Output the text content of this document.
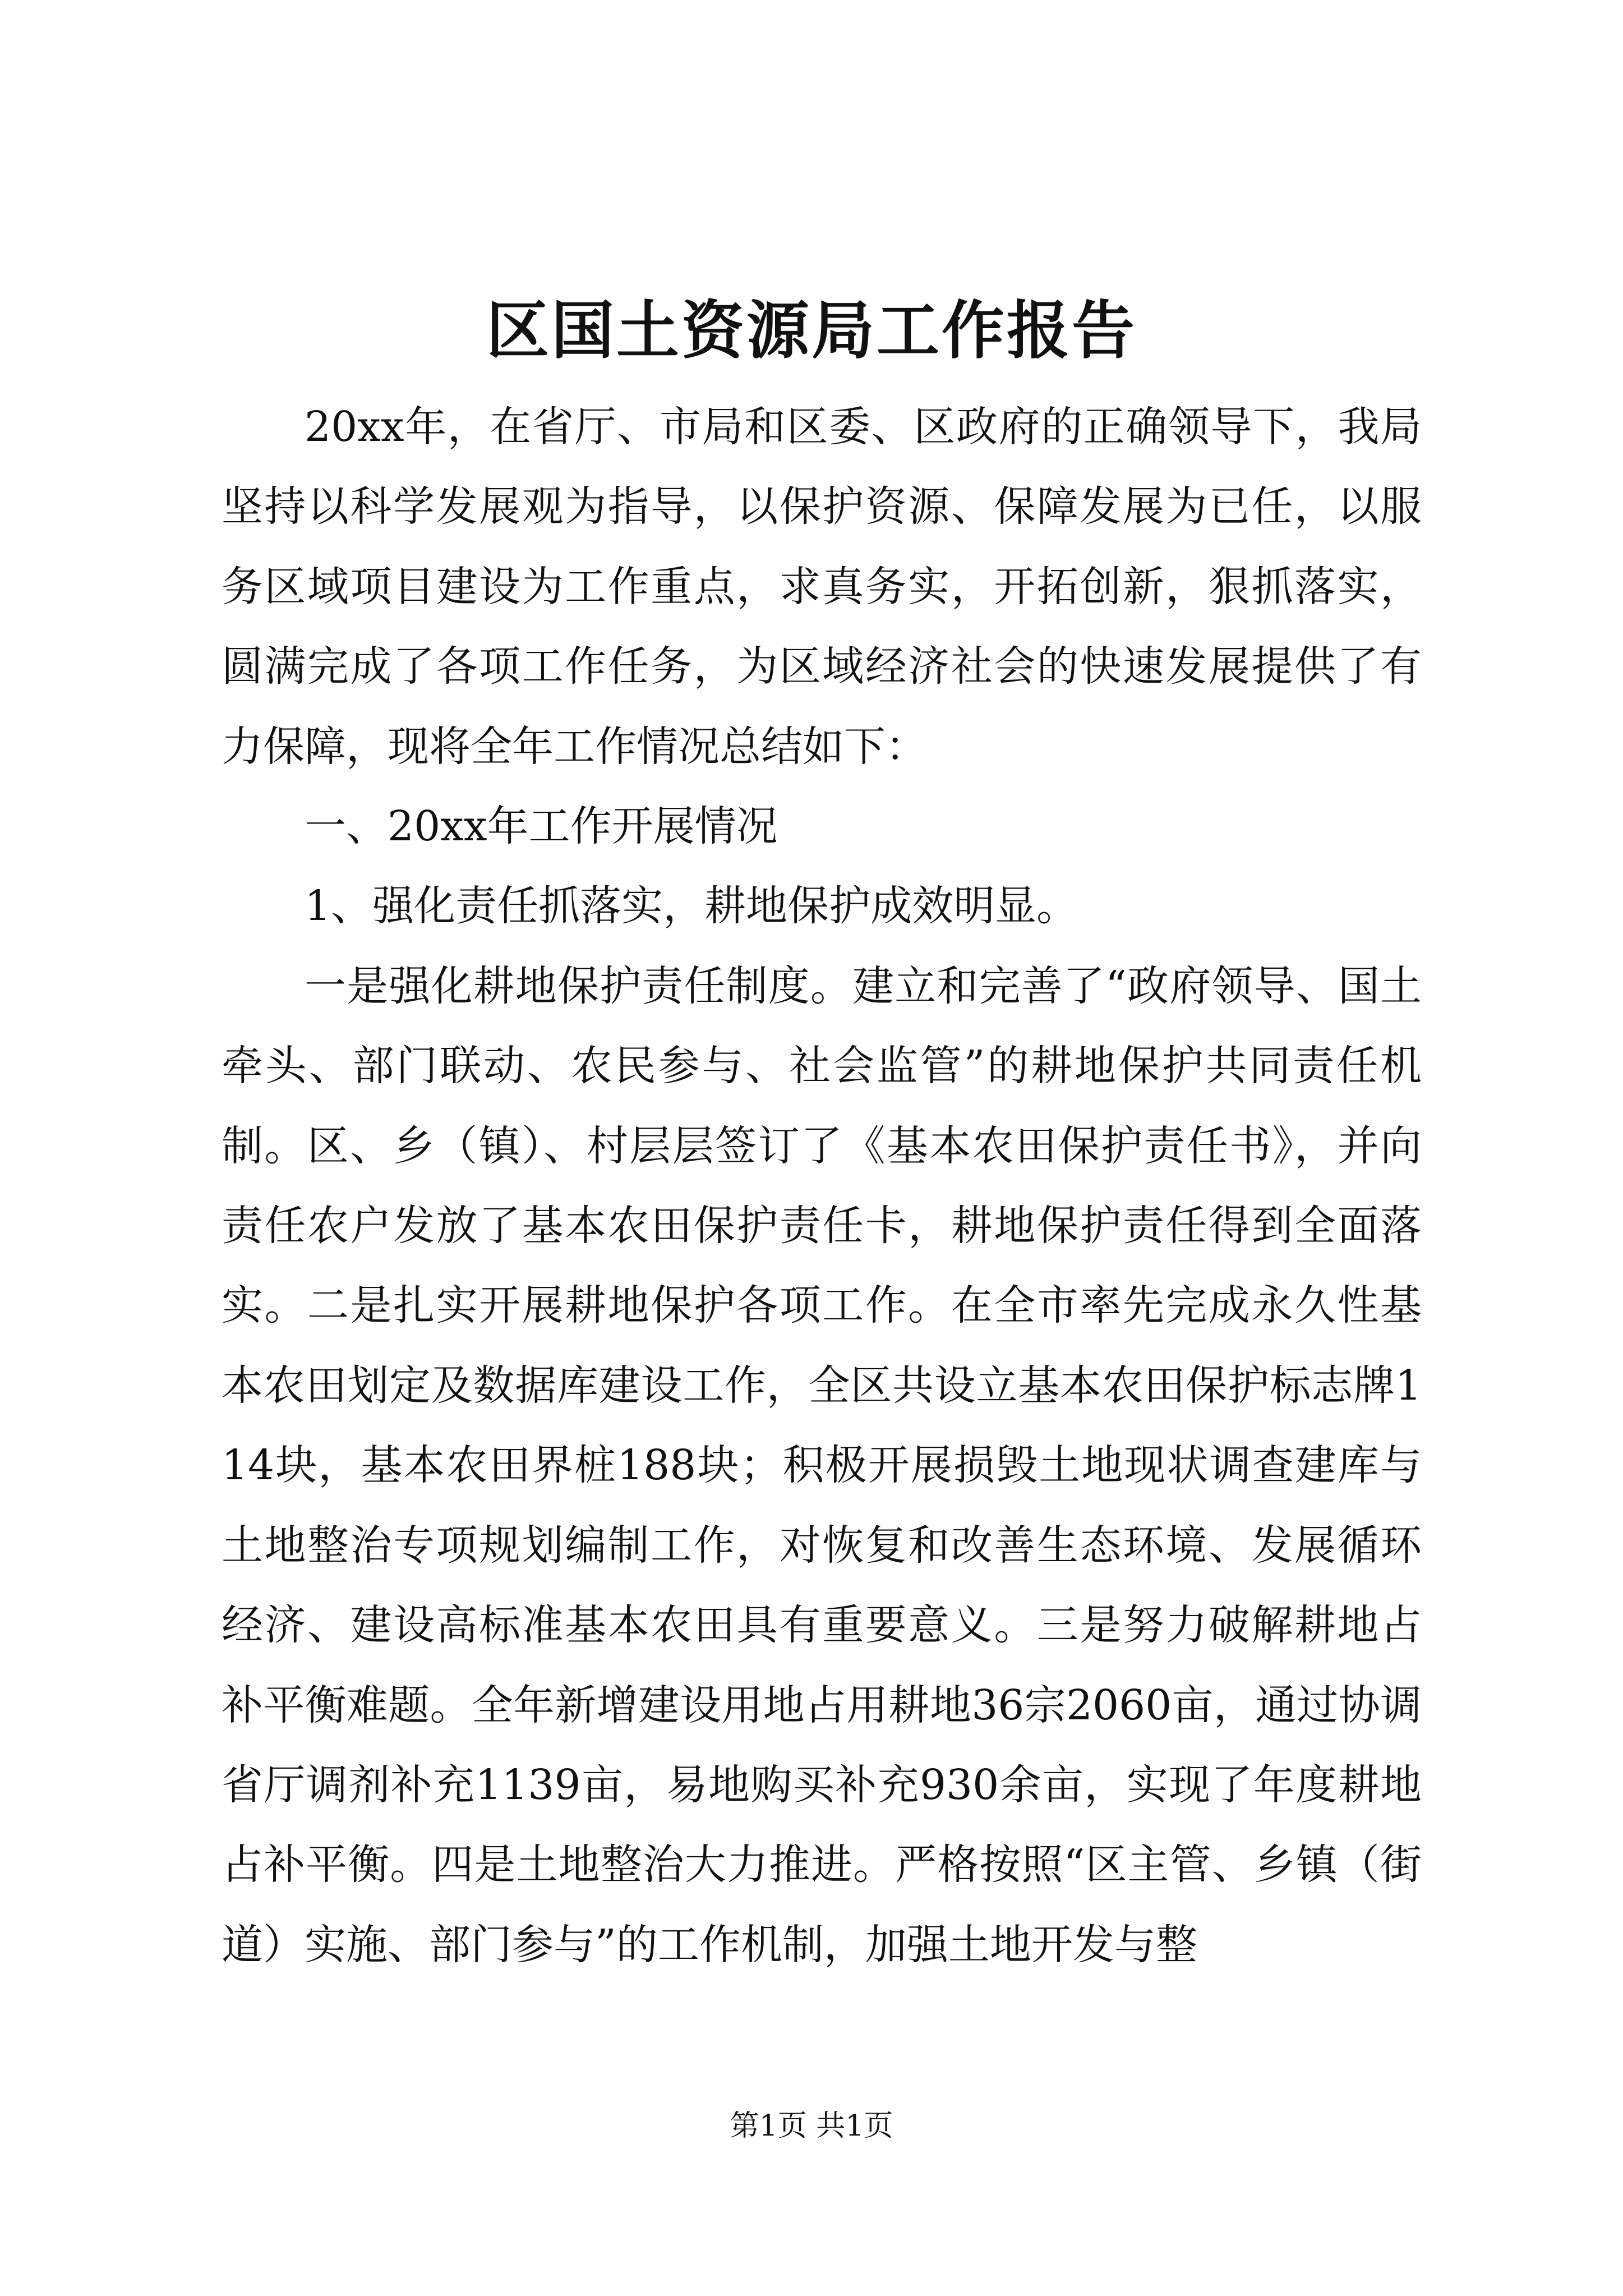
区国土资源局工作报告

20xx年，在省厅、市局和区委、区政府的正确领导下，我局坚持以科学发展观为指导，以保护资源、保障发展为已任，以服务区域项目建设为工作重点，求真务实，开拓创新，狠抓落实，圆满完成了各项工作任务，为区域经济社会的快速发展提供了有力保障，现将全年工作情况总结如下：

一、20xx年工作开展情况

1、强化责任抓落实，耕地保护成效明显。

一是强化耕地保护责任制度。建立和完善了“政府领导、国土牵头、部门联动、农民参与、社会监管”的耕地保护共同责任机制。区、乡（镇）、村层层签订了《基本农田保护责任书》，并向责任农户发放了基本农田保护责任卡，耕地保护责任得到全面落实。二是扎实开展耕地保护各项工作。在全市率先完成永久性基本农田划定及数据库建设工作，全区共设立基本农田保护标志牌114块，基本农田界桩188块；积极开展损毁土地现状调查建库与土地整治专项规划编制工作，对恢复和改善生态环境、发展循环经济、建设高标准基本农田具有重要意义。三是努力破解耕地占补平衡难题。全年新增建设用地占用耕地36宗2060亩，通过协调省厅调剂补充1139亩，易地购买补充930余亩，实现了年度耕地占补平衡。四是土地整治大力推进。严格按照“区主管、乡镇（街道）实施、部门参与”的工作机制，加强土地开发与整

第1页 共1页
